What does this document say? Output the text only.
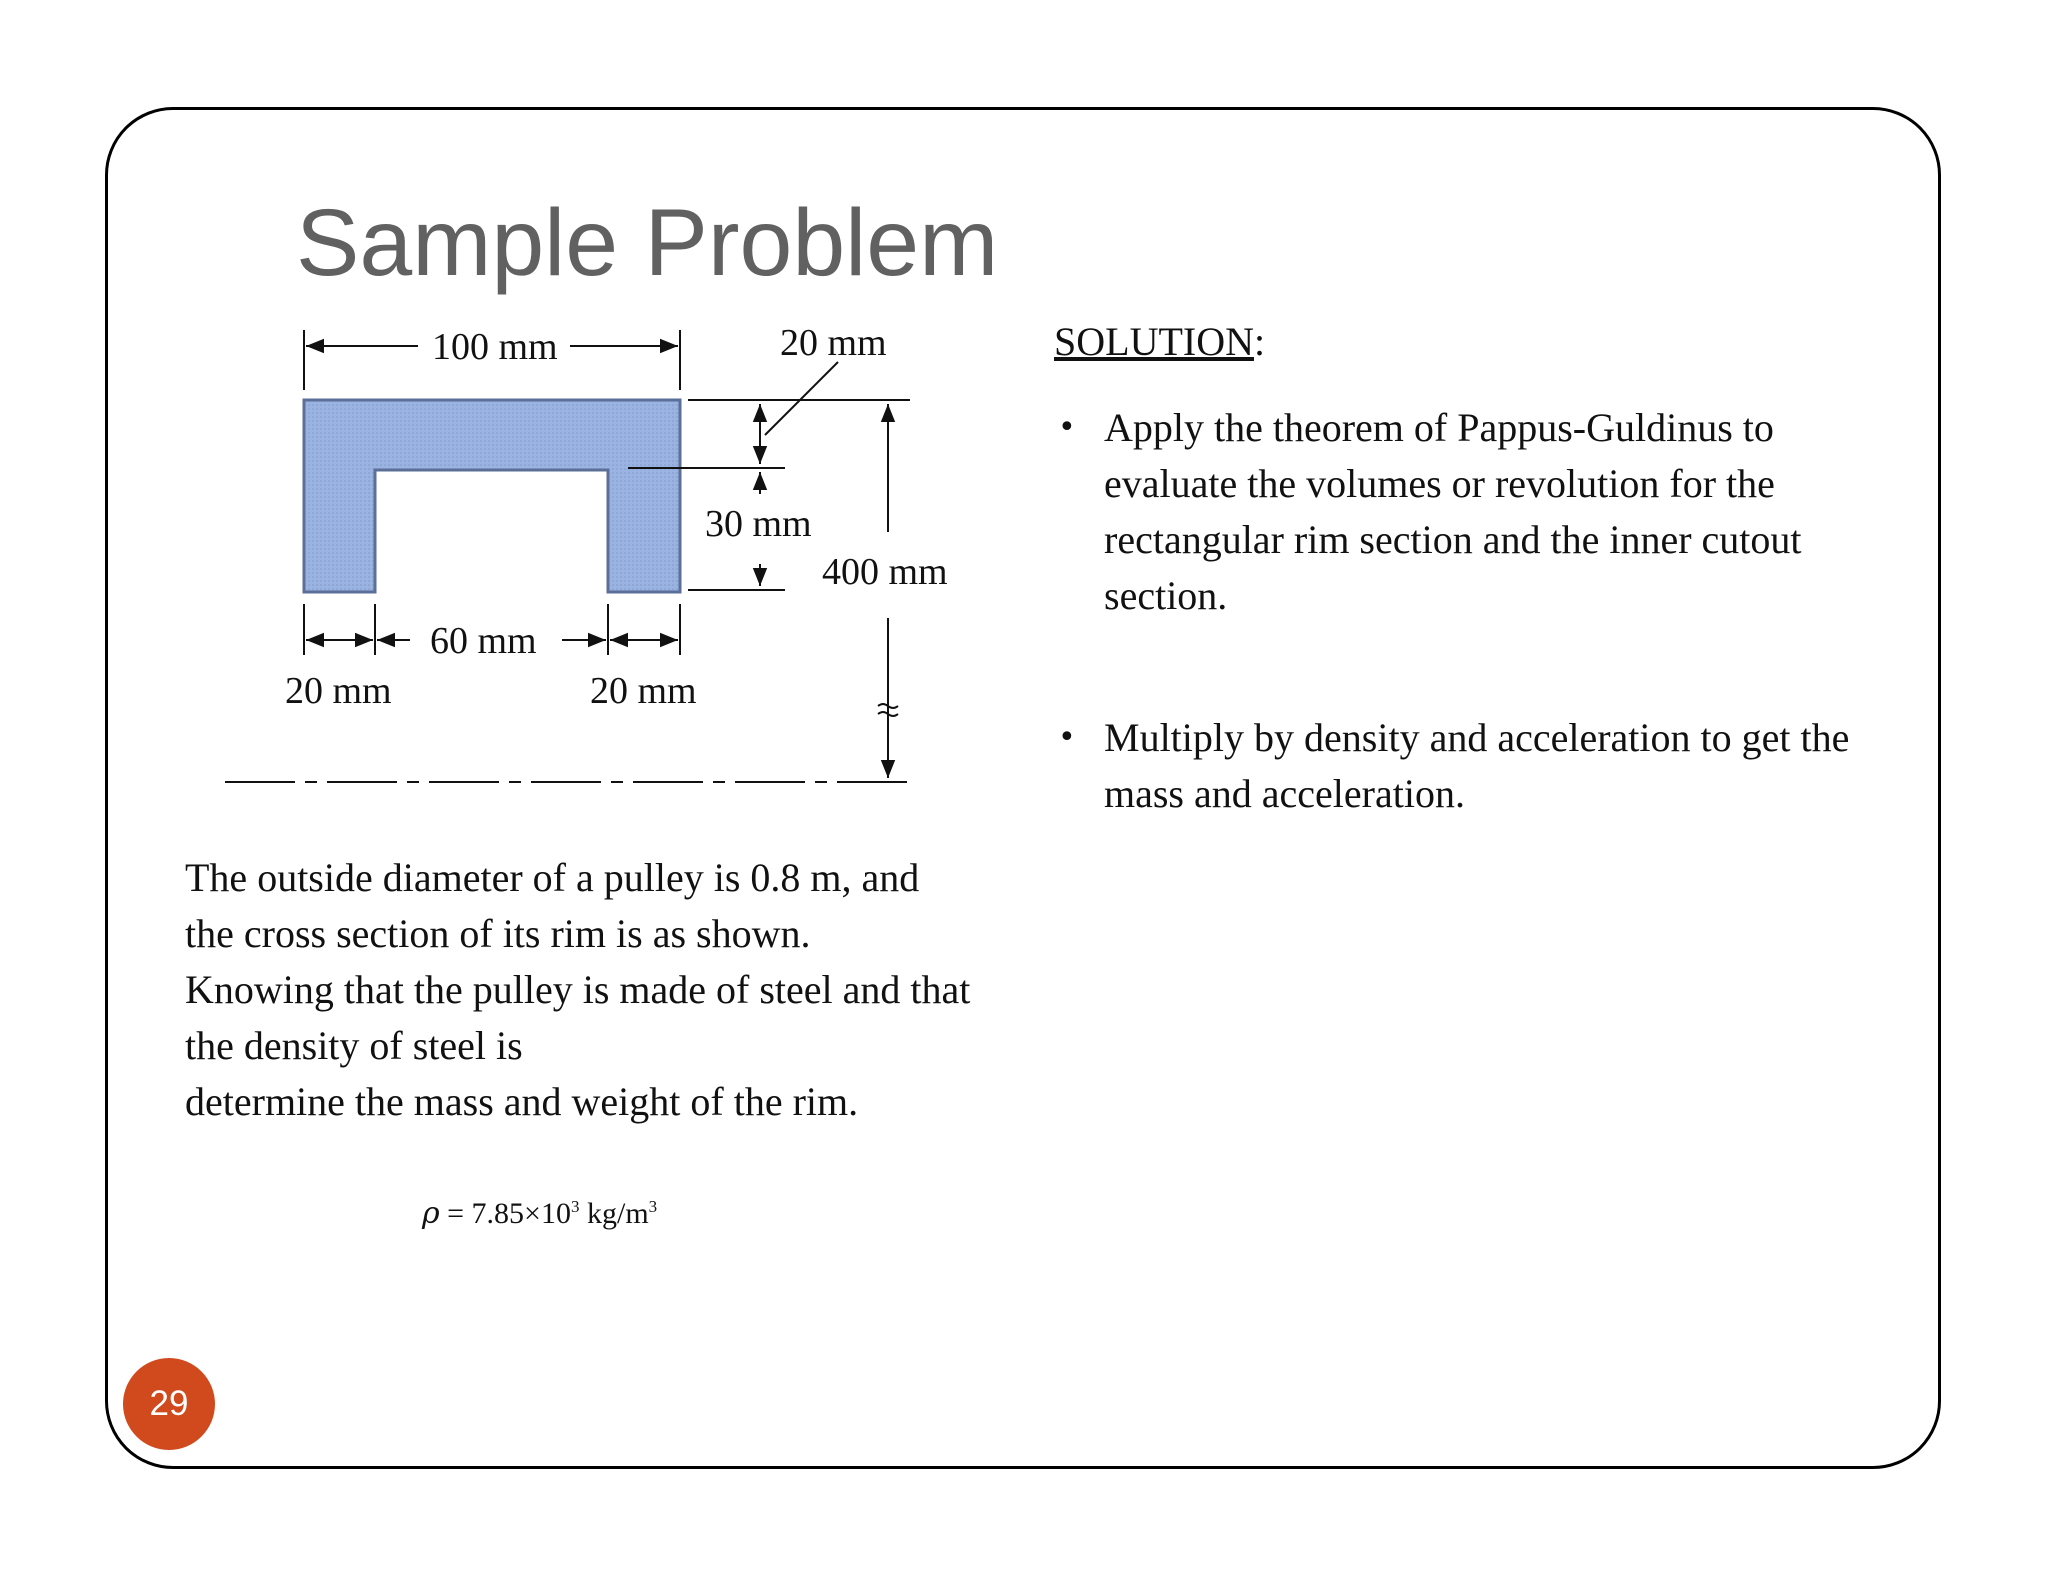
Sample Problem
100 mm	20 mm
30 mm
400 mm
60 mm
20 mm	20 mm

The outside diameter of a pulley is 0.8 m, and
the cross section of its rim is as shown.
Knowing that the pulley is made of steel and that
the density of steel is
determine the mass and weight of the rim.

$\rho = 7.85\times 10^3$ $kg/m^3$
SOLUTION:
• Apply the theorem of Pappus-Guldinus to evaluate the volumes or revolution for the rectangular rim section and the inner cutout section.
• Multiply by density and acceleration to get the mass and acceleration.
29
